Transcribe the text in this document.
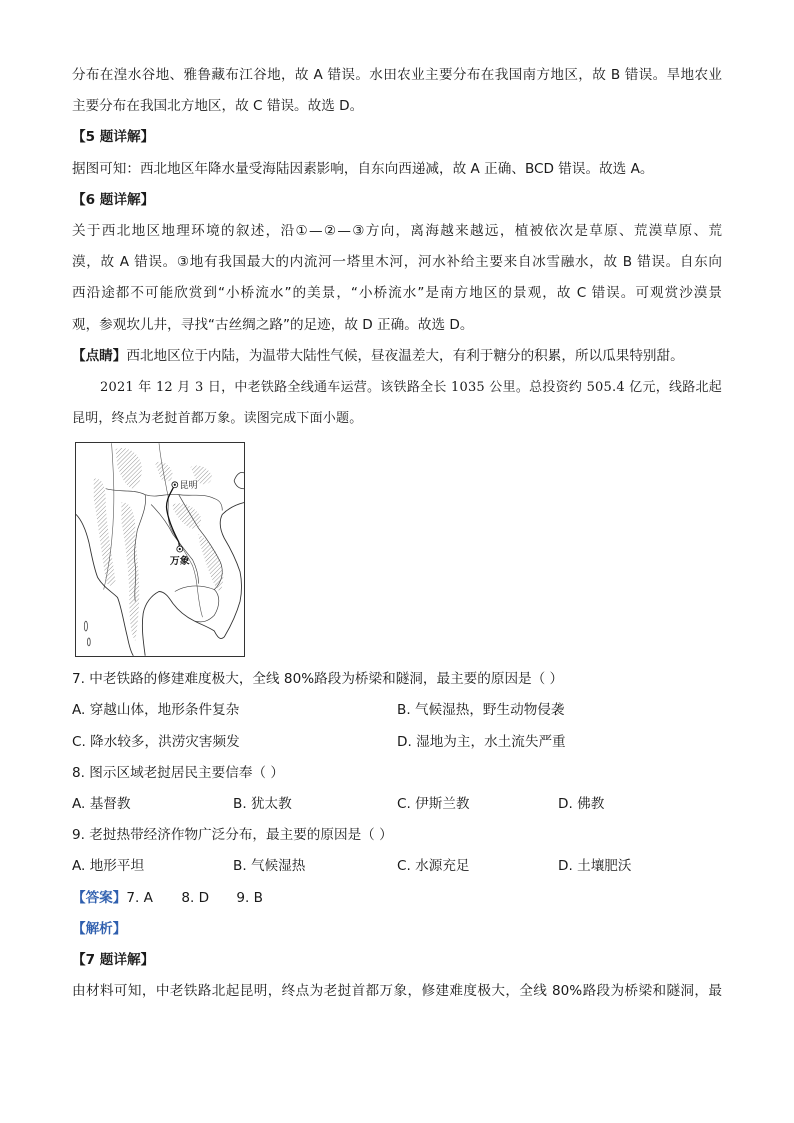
分布在湟水谷地、雅鲁藏布江谷地，故 A 错误。水田农业主要分布在我国南方地区，故 B 错误。旱地农业
主要分布在我国北方地区，故 C 错误。故选 D。
【5 题详解】
据图可知：西北地区年降水量受海陆因素影响，自东向西递减，故 A 正确、BCD 错误。故选 A。
【6 题详解】
关于西北地区地理环境的叙述，沿①—②—③方向，离海越来越远，植被依次是草原、荒漠草原、荒
漠，故 A 错误。③地有我国最大的内流河一塔里木河，河水补给主要来自冰雪融水，故 B 错误。自东向
西沿途都不可能欣赏到“小桥流水”的美景，“小桥流水”是南方地区的景观，故 C 错误。可观赏沙漠景
观，参观坎儿井，寻找“古丝绸之路”的足迹，故 D 正确。故选 D。
【点睛】西北地区位于内陆，为温带大陆性气候，昼夜温差大，有利于糖分的积累，所以瓜果特别甜。
2021 年 12 月 3 日，中老铁路全线通车运营。该铁路全长 1035 公里。总投资约 505.4 亿元，线路北起
昆明，终点为老挝首都万象。读图完成下面小题。
昆明
万象
7. 中老铁路的修建难度极大，全线 80%路段为桥梁和隧洞，最主要的原因是（ ）
A. 穿越山体，地形条件复杂	B. 气候湿热，野生动物侵袭
C. 降水较多，洪涝灾害频发	D. 湿地为主，水土流失严重
8. 图示区域老挝居民主要信奉（ ）
A. 基督教	B. 犹太教	C. 伊斯兰教	D. 佛教
9. 老挝热带经济作物广泛分布，最主要的原因是（ ）
A. 地形平坦	B. 气候湿热	C. 水源充足	D. 土壤肥沃
【答案】7. A 8. D 9. B
【解析】
【7 题详解】
由材料可知，中老铁路北起昆明，终点为老挝首都万象，修建难度极大，全线 80%路段为桥梁和隧洞，最
